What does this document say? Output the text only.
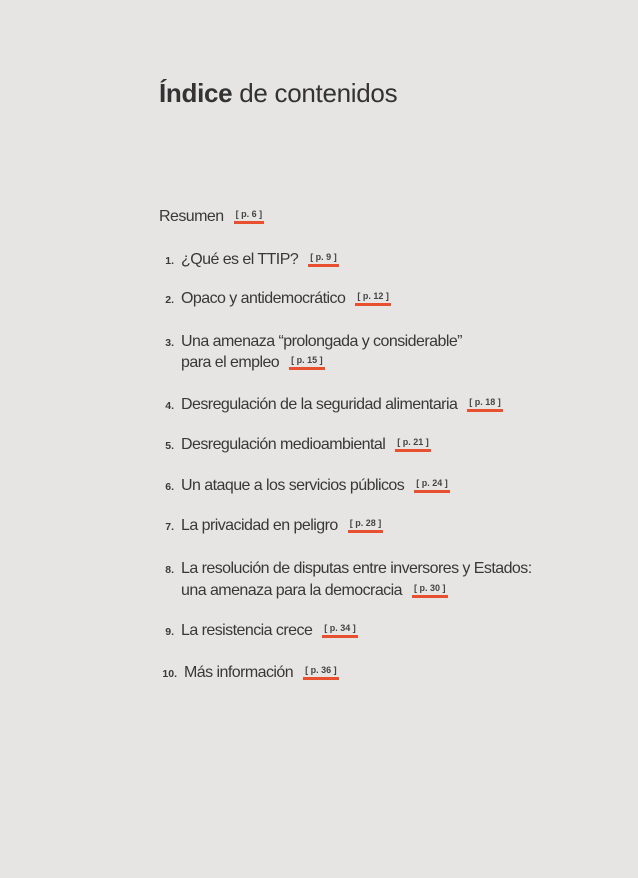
Índice de contenidos
Resumen [ p. 6 ]
1. ¿Qué es el TTIP? [ p. 9 ]
2. Opaco y antidemocrático [ p. 12 ]
3. Una amenaza “prolongada y considerable”
para el empleo [ p. 15 ]
4. Desregulación de la seguridad alimentaria [ p. 18 ]
5. Desregulación medioambiental [ p. 21 ]
6. Un ataque a los servicios públicos [ p. 24 ]
7. La privacidad en peligro [ p. 28 ]
8. La resolución de disputas entre inversores y Estados:
una amenaza para la democracia [ p. 30 ]
9. La resistencia crece [ p. 34 ]
10. Más información [ p. 36 ]
